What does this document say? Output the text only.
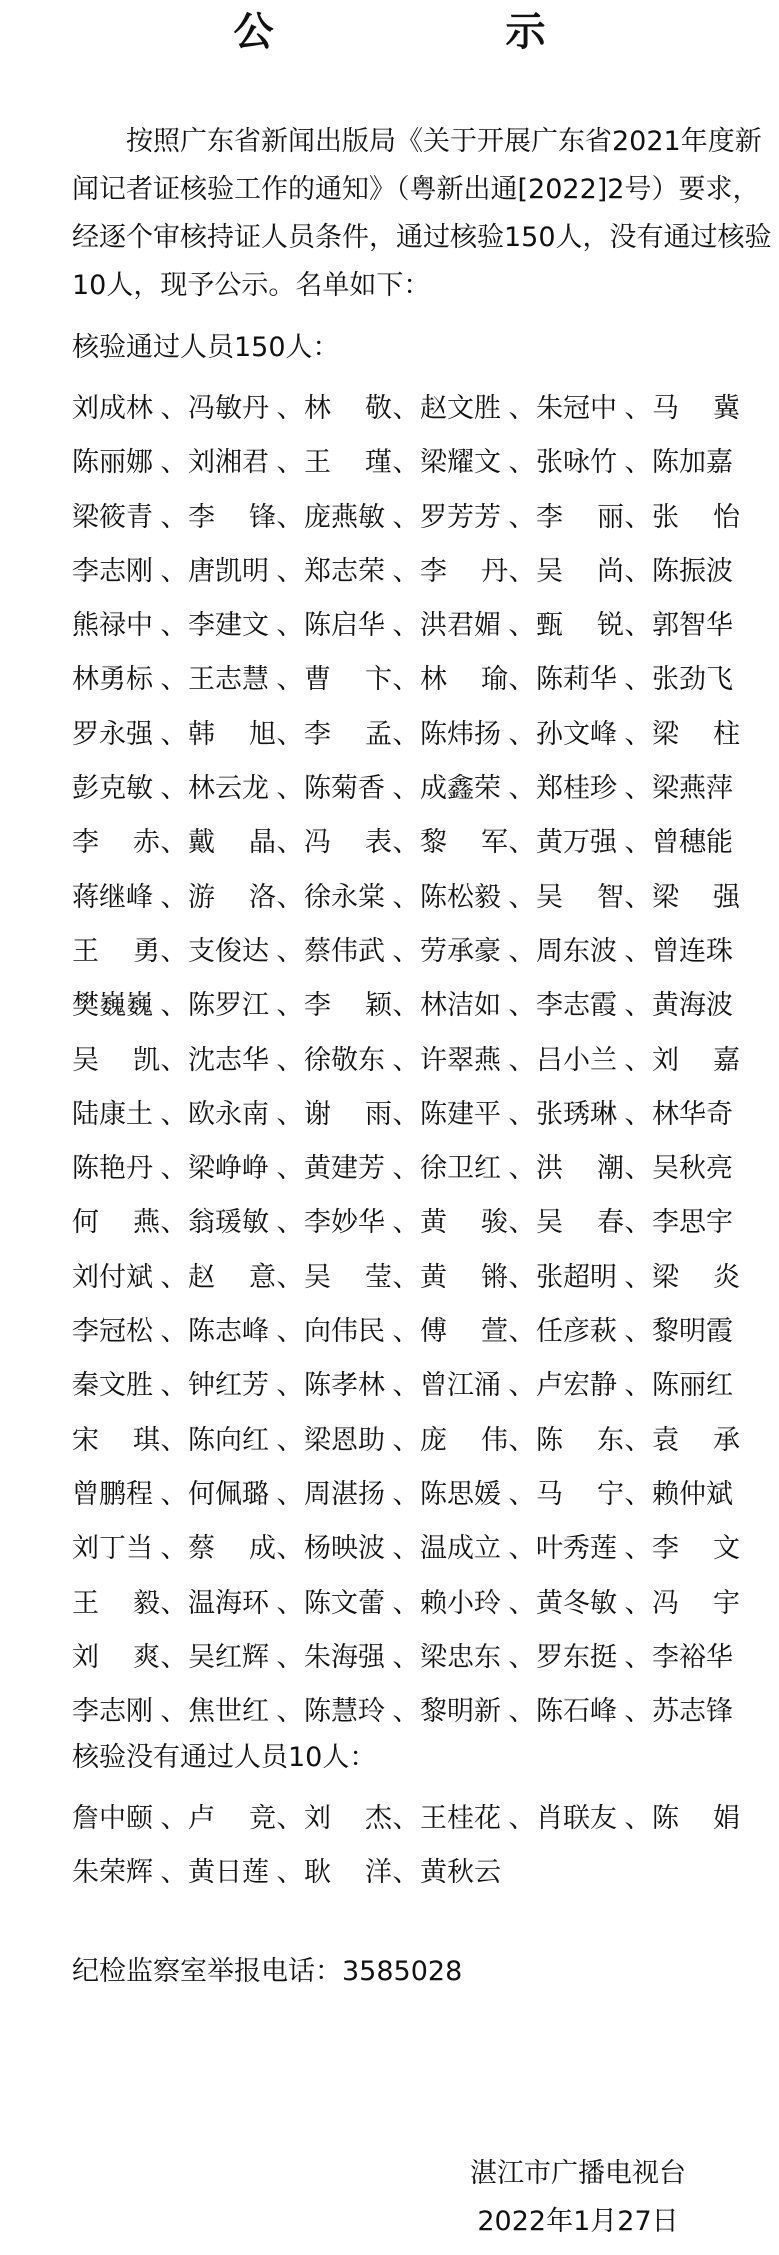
公　示
按照广东省新闻出版局《关于开展广东省2021年度新
闻记者证核验工作的通知》（粤新出通[2022]2号）要求，
经逐个审核持证人员条件，通过核验150人，没有通过核验
10人，现予公示。名单如下：
核验通过人员150人：
刘成林 、 冯敏丹 、 林 敬 、 赵文胜 、 朱冠中 、 马 冀
陈丽娜 、 刘湘君 、 王 瑾 、 梁耀文 、 张咏竹 、 陈加嘉
梁筱青 、 李 锋 、 庞燕敏 、 罗芳芳 、 李 丽 、 张 怡
李志刚 、 唐凯明 、 郑志荣 、 李 丹 、 吴 尚 、 陈振波
熊禄中 、 李建文 、 陈启华 、 洪君媚 、 甄 锐 、 郭智华
林勇标 、 王志慧 、 曹 卞 、 林 瑜 、 陈莉华 、 张劲飞
罗永强 、 韩 旭 、 李 孟 、 陈炜扬 、 孙文峰 、 梁 柱
彭克敏 、 林云龙 、 陈菊香 、 成鑫荣 、 郑桂珍 、 梁燕萍
李 赤 、 戴 晶 、 冯 表 、 黎 军 、 黄万强 、 曾穗能
蒋继峰 、 游 洛 、 徐永棠 、 陈松毅 、 吴 智 、 梁 强
王 勇 、 支俊达 、 蔡伟武 、 劳承豪 、 周东波 、 曾连珠
樊巍巍 、 陈罗江 、 李 颖 、 林洁如 、 李志霞 、 黄海波
吴 凯 、 沈志华 、 徐敬东 、 许翠燕 、 吕小兰 、 刘 嘉
陆康土 、 欧永南 、 谢 雨 、 陈建平 、 张琇琳 、 林华奇
陈艳丹 、 梁峥峥 、 黄建芳 、 徐卫红 、 洪 潮 、 吴秋亮
何 燕 、 翁瑗敏 、 李妙华 、 黄 骏 、 吴 春 、 李思宇
刘付斌 、 赵 意 、 吴 莹 、 黄 锵 、 张超明 、 梁 炎
李冠松 、 陈志峰 、 向伟民 、 傅 萱 、 任彦萩 、 黎明霞
秦文胜 、 钟红芳 、 陈孝林 、 曾江涌 、 卢宏静 、 陈丽红
宋 琪 、 陈向红 、 梁恩助 、 庞 伟 、 陈 东 、 袁 承
曾鹏程 、 何佩璐 、 周湛扬 、 陈思媛 、 马 宁 、 赖仲斌
刘丁当 、 蔡 成 、 杨映波 、 温成立 、 叶秀莲 、 李 文
王 毅 、 温海环 、 陈文蕾 、 赖小玲 、 黄冬敏 、 冯 宇
刘 爽 、 吴红辉 、 朱海强 、 梁忠东 、 罗东挺 、 李裕华
李志刚 、 焦世红 、 陈慧玲 、 黎明新 、 陈石峰 、 苏志锋
核验没有通过人员10人：
詹中颐 、 卢 竞 、 刘 杰 、 王桂花 、 肖联友 、 陈 娟
朱荣辉 、 黄日莲 、 耿 洋 、 黄秋云
纪检监察室举报电话：3585028
湛江市广播电视台
2022年1月27日
